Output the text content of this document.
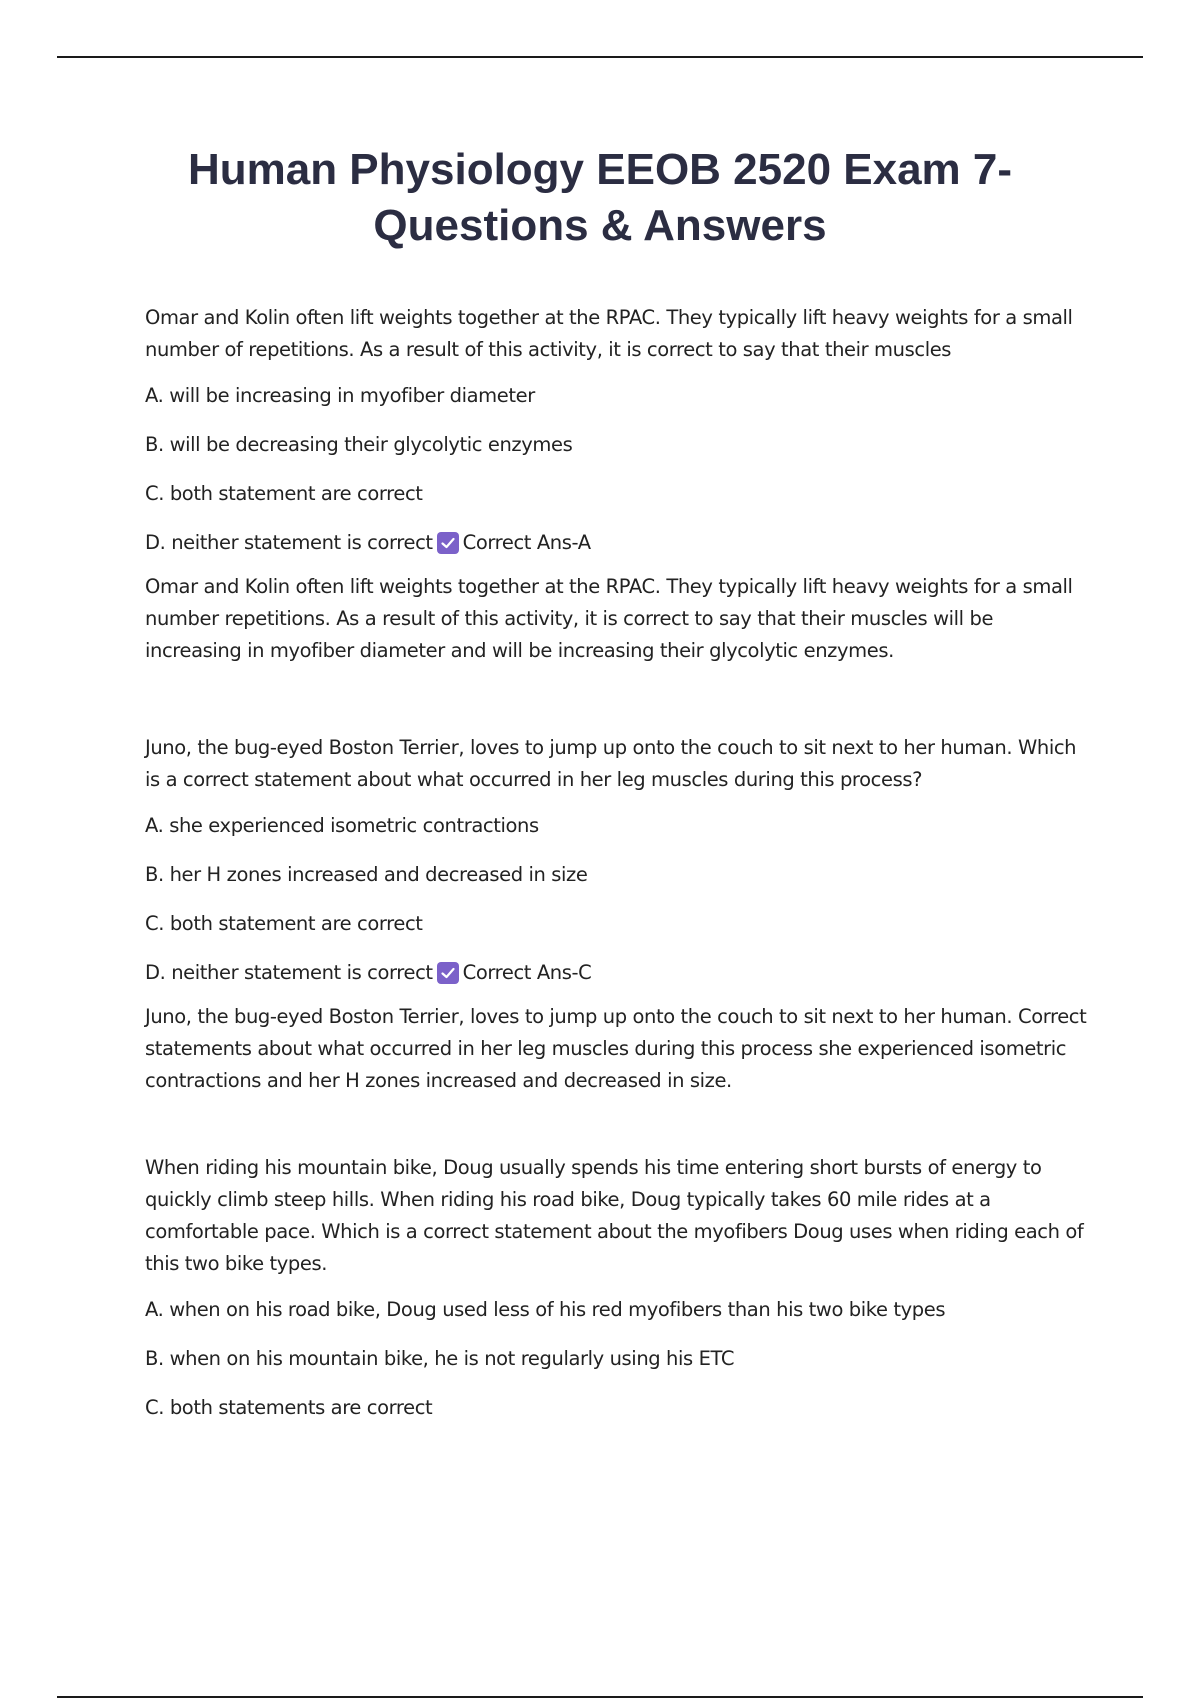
Human Physiology EEOB 2520 Exam 7- Questions & Answers

Omar and Kolin often lift weights together at the RPAC. They typically lift heavy weights for a small number of repetitions. As a result of this activity, it is correct to say that their muscles

A. will be increasing in myofiber diameter

B. will be decreasing their glycolytic enzymes

C. both statement are correct

D. neither statement is correct Correct Ans-A

Omar and Kolin often lift weights together at the RPAC. They typically lift heavy weights for a small number repetitions. As a result of this activity, it is correct to say that their muscles will be increasing in myofiber diameter and will be increasing their glycolytic enzymes.

Juno, the bug-eyed Boston Terrier, loves to jump up onto the couch to sit next to her human. Which is a correct statement about what occurred in her leg muscles during this process?

A. she experienced isometric contractions

B. her H zones increased and decreased in size

C. both statement are correct

D. neither statement is correct Correct Ans-C

Juno, the bug-eyed Boston Terrier, loves to jump up onto the couch to sit next to her human. Correct statements about what occurred in her leg muscles during this process she experienced isometric contractions and her H zones increased and decreased in size.

When riding his mountain bike, Doug usually spends his time entering short bursts of energy to quickly climb steep hills. When riding his road bike, Doug typically takes 60 mile rides at a comfortable pace. Which is a correct statement about the myofibers Doug uses when riding each of this two bike types.

A. when on his road bike, Doug used less of his red myofibers than his two bike types

B. when on his mountain bike, he is not regularly using his ETC

C. both statements are correct
